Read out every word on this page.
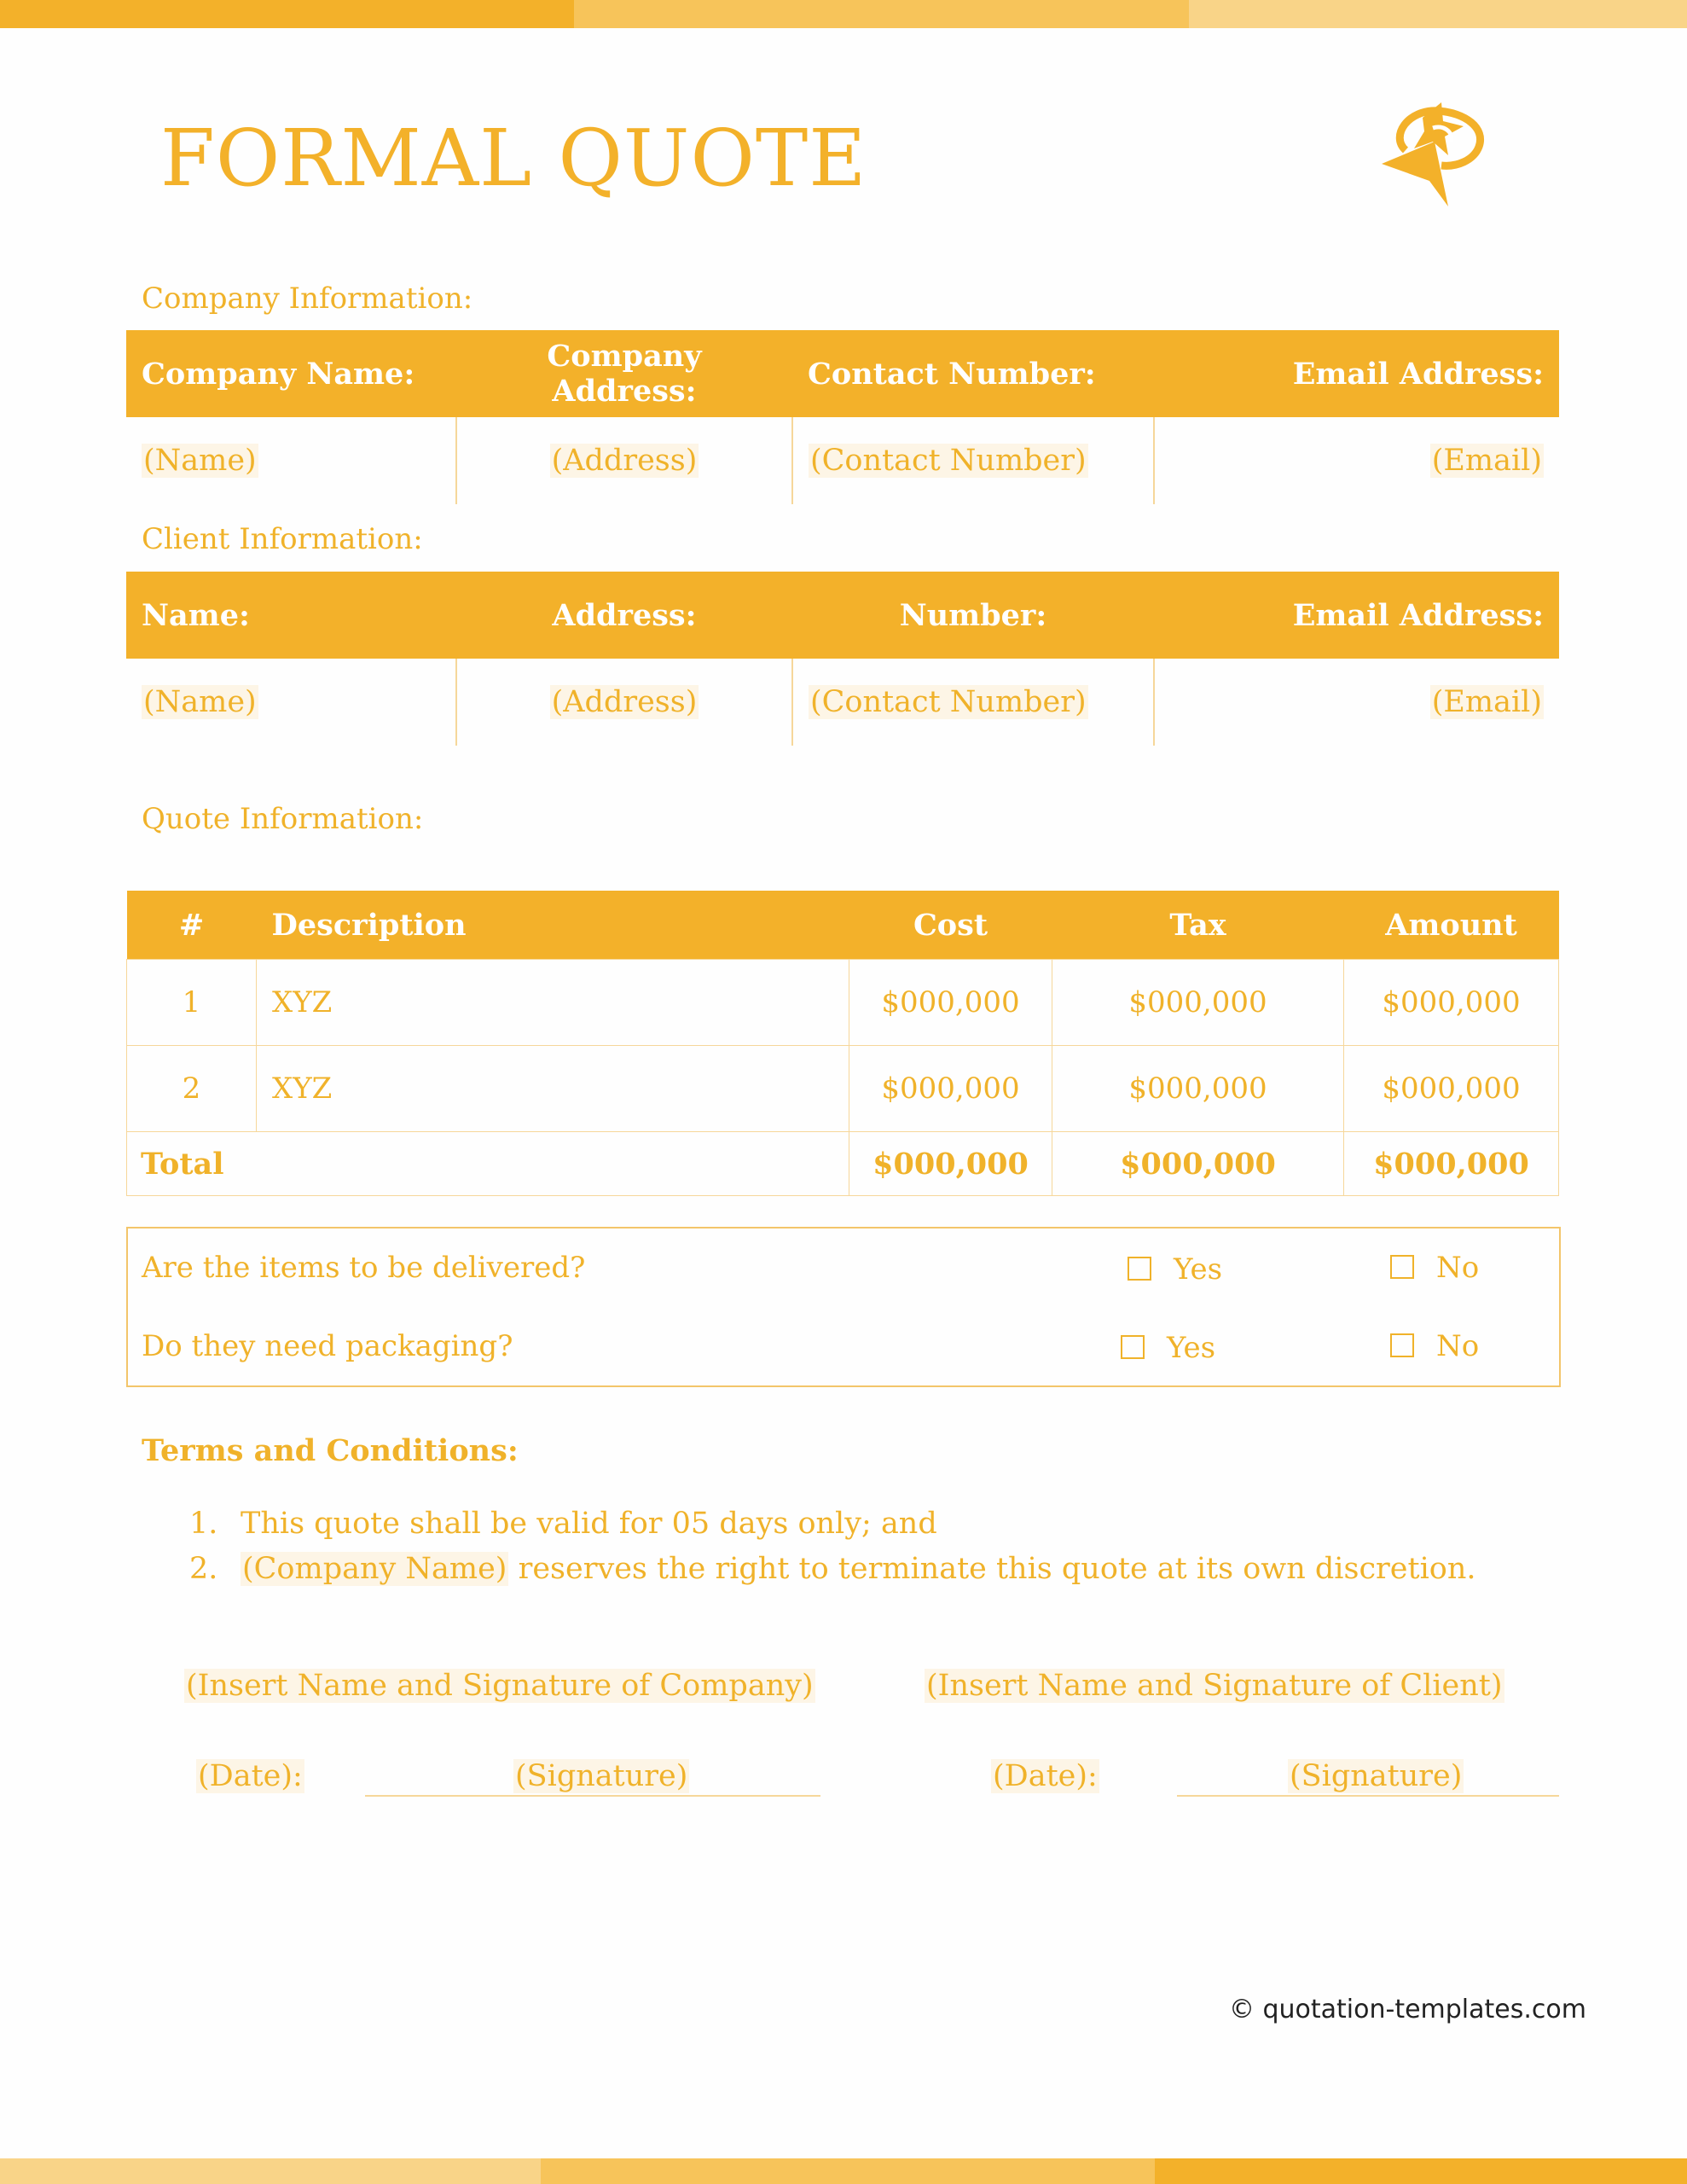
FORMAL QUOTE
Company Information:
Company Name:	Company Address:	Contact Number:	Email Address:
(Name)	(Address)	(Contact Number)	(Email)
Client Information:
Name:	Address:	Number:	Email Address:
(Name)	(Address)	(Contact Number)	(Email)
Quote Information:
#	Description	Cost	Tax	Amount
1	XYZ	$000,000	$000,000	$000,000
2	XYZ	$000,000	$000,000	$000,000
Total		$000,000	$000,000	$000,000
Are the items to be delivered?	Yes	No
Do they need packaging?	Yes	No
Terms and Conditions:
1. This quote shall be valid for 05 days only; and
2. (Company Name) reserves the right to terminate this quote at its own discretion.
(Insert Name and Signature of Company)	(Insert Name and Signature of Client)
(Date):	(Signature)	(Date):	(Signature)
© quotation-templates.com
